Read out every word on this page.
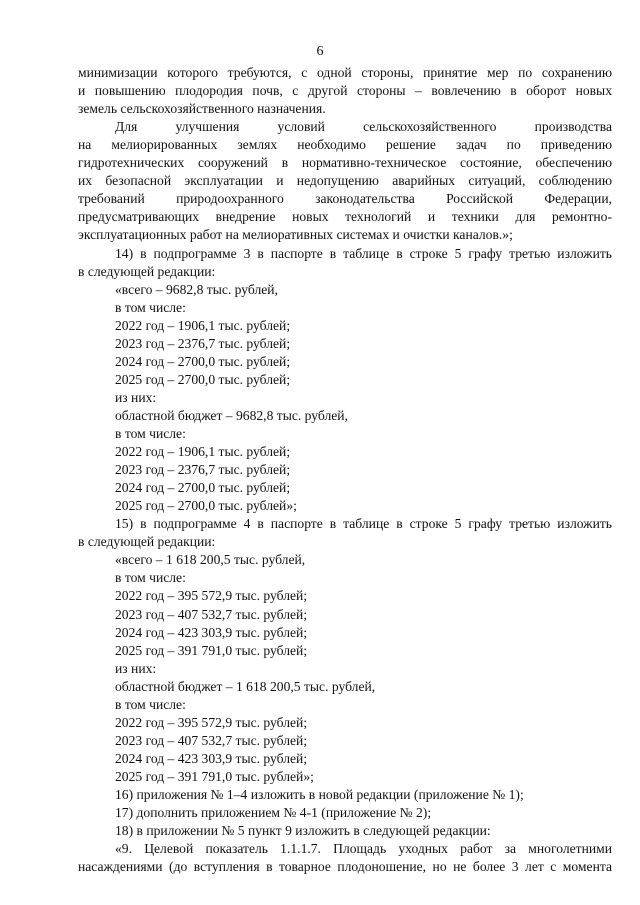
6
минимизации которого требуются, с одной стороны, принятие мер по сохранению
и повышению плодородия почв, с другой стороны – вовлечению в оборот новых
земель сельскохозяйственного назначения.
Для улучшения условий сельскохозяйственного производства
на мелиорированных землях необходимо решение задач по приведению
гидротехнических сооружений в нормативно-техническое состояние, обеспечению
их безопасной эксплуатации и недопущению аварийных ситуаций, соблюдению
требований природоохранного законодательства Российской Федерации,
предусматривающих внедрение новых технологий и техники для ремонтно-
эксплуатационных работ на мелиоративных системах и очистки каналов.»;
14) в подпрограмме 3 в паспорте в таблице в строке 5 графу третью изложить
в следующей редакции:
«всего – 9682,8 тыс. рублей,
в том числе:
2022 год – 1906,1 тыс. рублей;
2023 год – 2376,7 тыс. рублей;
2024 год – 2700,0 тыс. рублей;
2025 год – 2700,0 тыс. рублей;
из них:
областной бюджет – 9682,8 тыс. рублей,
в том числе:
2022 год – 1906,1 тыс. рублей;
2023 год – 2376,7 тыс. рублей;
2024 год – 2700,0 тыс. рублей;
2025 год – 2700,0 тыс. рублей»;
15) в подпрограмме 4 в паспорте в таблице в строке 5 графу третью изложить
в следующей редакции:
«всего – 1 618 200,5 тыс. рублей,
в том числе:
2022 год – 395 572,9 тыс. рублей;
2023 год – 407 532,7 тыс. рублей;
2024 год – 423 303,9 тыс. рублей;
2025 год – 391 791,0 тыс. рублей;
из них:
областной бюджет – 1 618 200,5 тыс. рублей,
в том числе:
2022 год – 395 572,9 тыс. рублей;
2023 год – 407 532,7 тыс. рублей;
2024 год – 423 303,9 тыс. рублей;
2025 год – 391 791,0 тыс. рублей»;
16) приложения № 1–4 изложить в новой редакции (приложение № 1);
17) дополнить приложением № 4-1 (приложение № 2);
18) в приложении № 5 пункт 9 изложить в следующей редакции:
«9. Целевой показатель 1.1.1.7. Площадь уходных работ за многолетними
насаждениями (до вступления в товарное плодоношение, но не более 3 лет с момента
